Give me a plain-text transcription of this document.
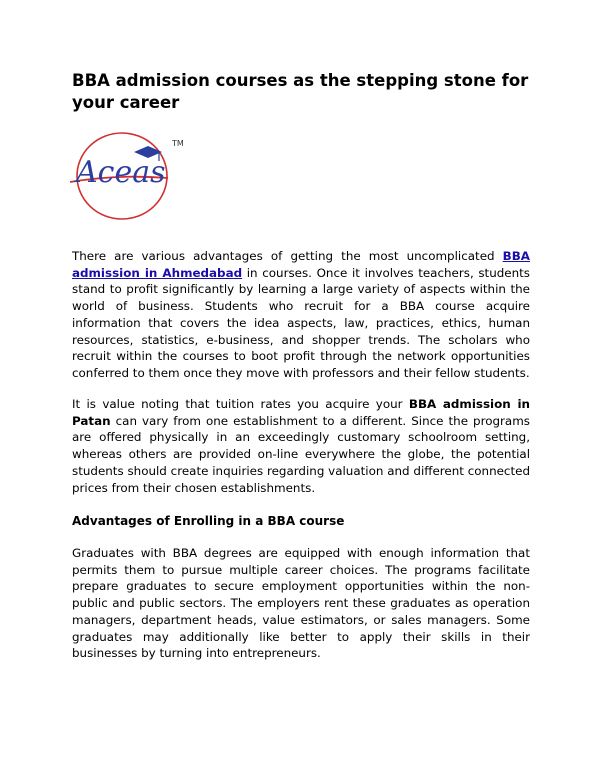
BBA admission courses as the stepping stone for your career
Aceas
TM

There are various advantages of getting the most uncomplicated BBA admission in Ahmedabad in courses. Once it involves teachers, students stand to profit significantly by learning a large variety of aspects within the world of business. Students who recruit for a BBA course acquire information that covers the idea aspects, law, practices, ethics, human resources, statistics, e-business, and shopper trends. The scholars who recruit within the courses to boot profit through the network opportunities conferred to them once they move with professors and their fellow students.

It is value noting that tuition rates you acquire your BBA admission in Patan can vary from one establishment to a different. Since the programs are offered physically in an exceedingly customary schoolroom setting, whereas others are provided on-line everywhere the globe, the potential students should create inquiries regarding valuation and different connected prices from their chosen establishments.

Advantages of Enrolling in a BBA course

Graduates with BBA degrees are equipped with enough information that permits them to pursue multiple career choices. The programs facilitate prepare graduates to secure employment opportunities within the non-public and public sectors. The employers rent these graduates as operation managers, department heads, value estimators, or sales managers. Some graduates may additionally like better to apply their skills in their businesses by turning into entrepreneurs.
